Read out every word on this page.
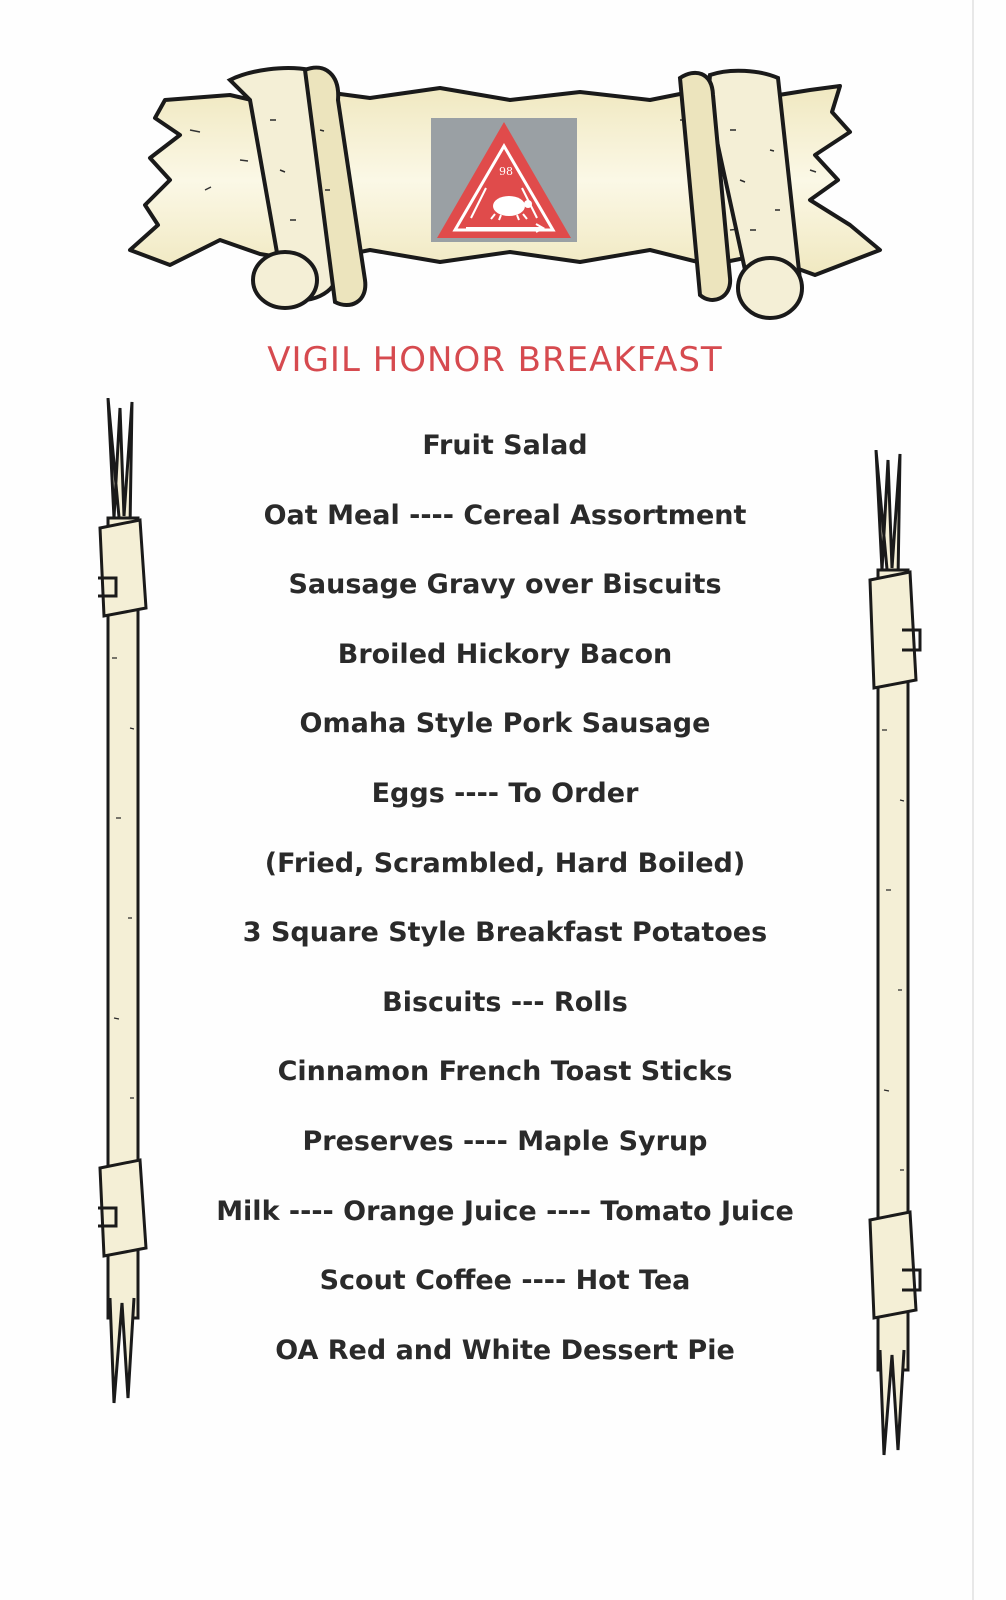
98
VIGIL HONOR BREAKFAST
Fruit Salad
Oat Meal ---- Cereal Assortment
Sausage Gravy over Biscuits
Broiled Hickory Bacon
Omaha Style Pork Sausage
Eggs ---- To Order
(Fried, Scrambled, Hard Boiled)
3 Square Style Breakfast Potatoes
Biscuits --- Rolls
Cinnamon French Toast Sticks
Preserves ---- Maple Syrup
Milk ---- Orange Juice ---- Tomato Juice
Scout Coffee ---- Hot Tea
OA Red and White Dessert Pie
